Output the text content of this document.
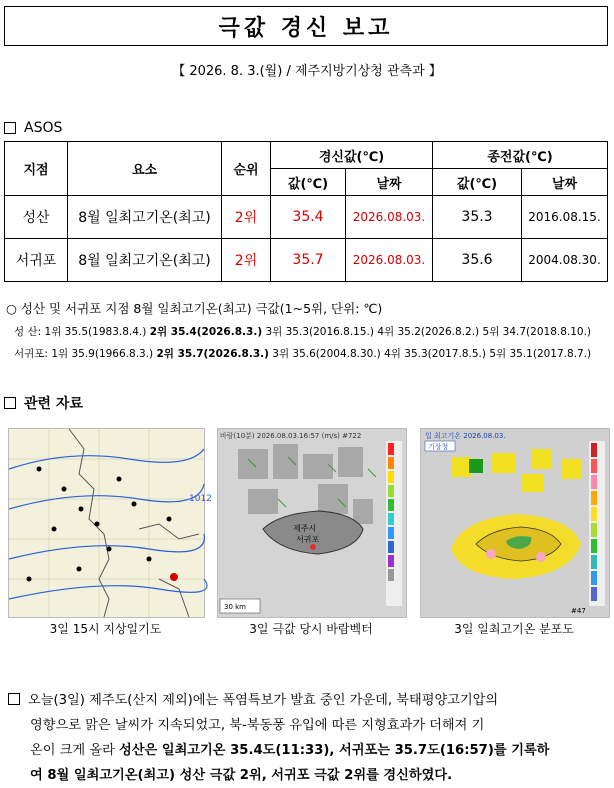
극값 경신 보고
【 2026. 8. 3.(월) / 제주지방기상청 관측과 】
ASOS
지점	요소	순위	경신값(℃)		종전값(℃)	
			값(℃)	날짜	값(℃)	날짜
성산	8월 일최고기온(최고)	2위	35.4	2026.08.03.	35.3	2016.08.15.
서귀포	8월 일최고기온(최고)	2위	35.7	2026.08.03.	35.6	2004.08.30.
○ 성산 및 서귀포 지점 8월 일최고기온(최고) 극값(1~5위, 단위: ℃)
성 산: 1위 35.5(1983.8.4.) 2위 35.4(2026.8.3.) 3위 35.3(2016.8.15.) 4위 35.2(2026.8.2.) 5위 34.7(2018.8.10.)
서귀포: 1위 35.9(1966.8.3.) 2위 35.7(2026.8.3.) 3위 35.6(2004.8.30.) 4위 35.3(2017.8.5.) 5위 35.1(2017.8.7.)
관련 자료
1012
3일 15시 지상일기도
바람(10분) 2026.08.03.16:57 (m/s) #722
제주시
서귀포
30 km
3일 극값 당시 바람벡터
일 최고기온 2026.08.03.
기상청
#47
3일 일최고기온 분포도
오늘(3일) 제주도(산지 제외)에는 폭염특보가 발효 중인 가운데, 북태평양고기압의
영향으로 맑은 날씨가 지속되었고, 북-북동풍 유입에 따른 지형효과가 더해져 기
온이 크게 올라 성산은 일최고기온 35.4도(11:33), 서귀포는 35.7도(16:57)를 기록하
여 8월 일최고기온(최고) 성산 극값 2위, 서귀포 극값 2위를 경신하였다.
